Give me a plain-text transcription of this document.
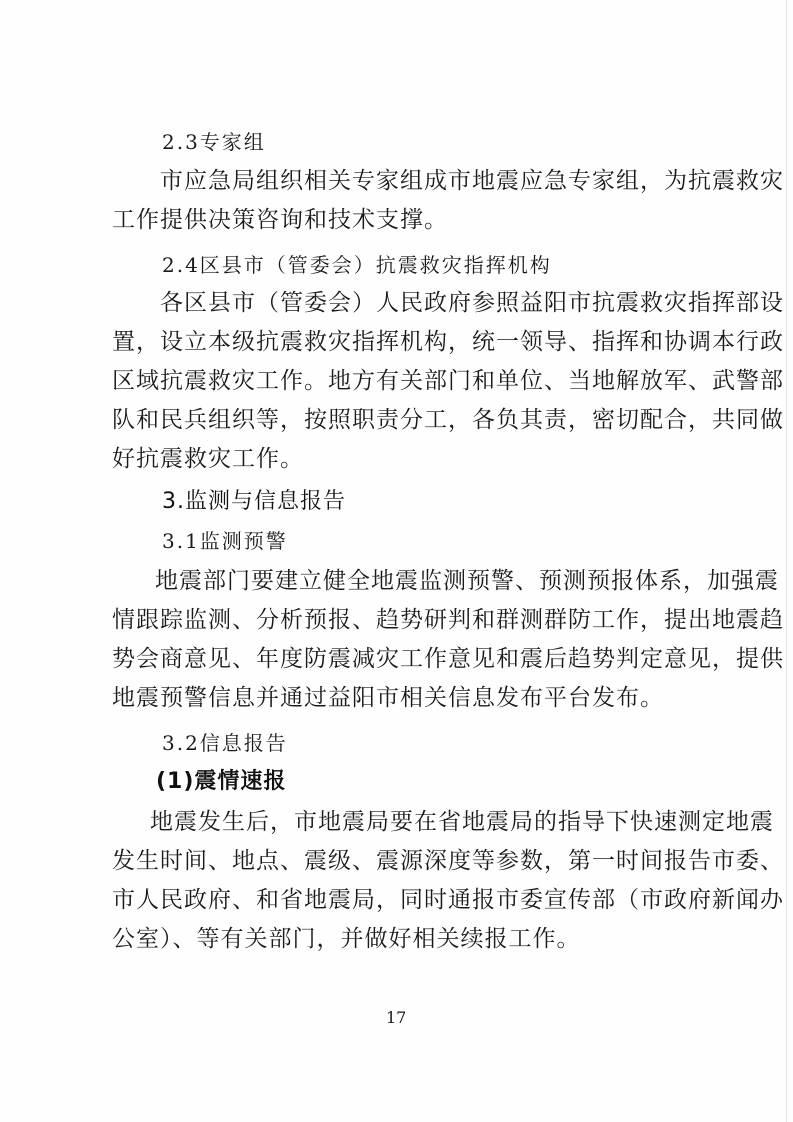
2.3专家组
市应急局组织相关专家组成市地震应急专家组，为抗震救灾
工作提供决策咨询和技术支撑。
2.4区县市（管委会）抗震救灾指挥机构
各区县市（管委会）人民政府参照益阳市抗震救灾指挥部设
置，设立本级抗震救灾指挥机构，统一领导、指挥和协调本行政
区域抗震救灾工作。地方有关部门和单位、当地解放军、武警部
队和民兵组织等，按照职责分工，各负其责，密切配合，共同做
好抗震救灾工作。
3.监测与信息报告
3.1监测预警
地震部门要建立健全地震监测预警、预测预报体系，加强震
情跟踪监测、分析预报、趋势研判和群测群防工作，提出地震趋
势会商意见、年度防震减灾工作意见和震后趋势判定意见，提供
地震预警信息并通过益阳市相关信息发布平台发布。
3.2信息报告
(1)震情速报
地震发生后，市地震局要在省地震局的指导下快速测定地震
发生时间、地点、震级、震源深度等参数，第一时间报告市委、
市人民政府、和省地震局，同时通报市委宣传部（市政府新闻办
公室）、等有关部门，并做好相关续报工作。
17
